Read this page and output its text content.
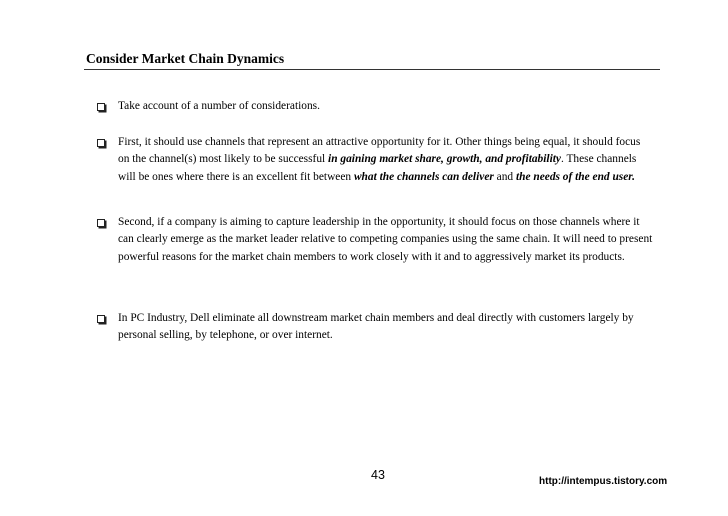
Consider Market Chain Dynamics
Take account of a number of considerations.
First, it should use channels that represent an attractive opportunity for it. Other things being equal, it should focus on the channel(s) most likely to be successful in gaining market share, growth, and profitability. These channels will be ones where there is an excellent fit between what the channels can deliver and the needs of the end user.
Second, if a company is aiming to capture leadership in the opportunity, it should focus on those channels where it can clearly emerge as the market leader relative to competing companies using the same chain. It will need to present powerful reasons for the market chain members to work closely with it and to aggressively market its products.
In PC Industry, Dell eliminate all downstream market chain members and deal directly with customers largely by personal selling, by telephone, or over internet.
43	http://intempus.tistory.com
